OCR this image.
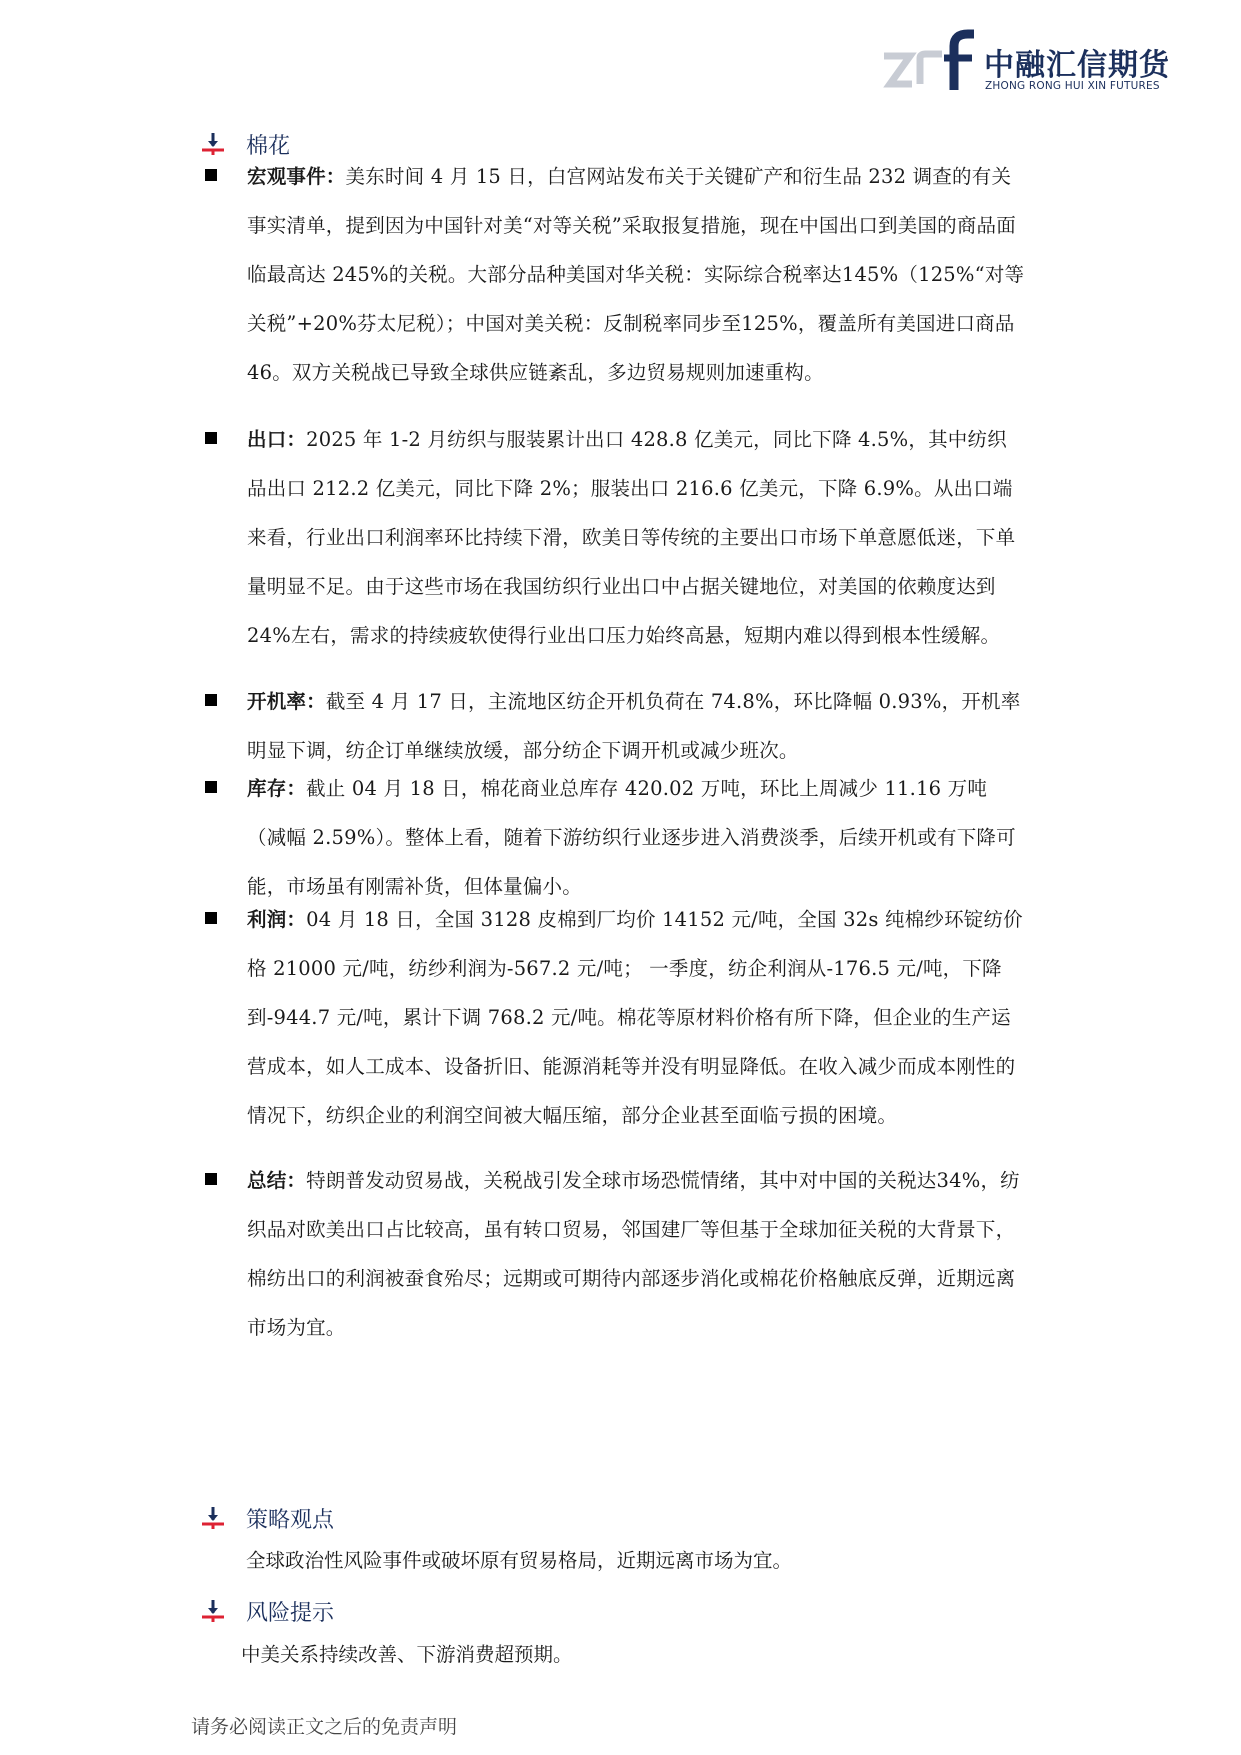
中融汇信期货
ZHONG RONG HUI XIN FUTURES
棉花
宏观事件：美东时间 4 月 15 日，白宫网站发布关于关键矿产和衍生品 232 调查的有关事实清单，提到因为中国针对美“对等关税”采取报复措施，现在中国出口到美国的商品面临最高达 245%的关税。大部分品种美国对华关税：实际综合税率达145%（125%“对等关税”+20%芬太尼税）；中国对美关税：反制税率同步至125%，覆盖所有美国进口商品46。双方关税战已导致全球供应链紊乱，多边贸易规则加速重构。
出口：2025 年 1-2 月纺织与服装累计出口 428.8 亿美元，同比下降 4.5%，其中纺织品出口 212.2 亿美元，同比下降 2%；服装出口 216.6 亿美元，下降 6.9%。从出口端来看，行业出口利润率环比持续下滑，欧美日等传统的主要出口市场下单意愿低迷，下单量明显不足。由于这些市场在我国纺织行业出口中占据关键地位，对美国的依赖度达到 24%左右，需求的持续疲软使得行业出口压力始终高悬，短期内难以得到根本性缓解。
开机率：截至 4 月 17 日，主流地区纺企开机负荷在 74.8%，环比降幅 0.93%，开机率明显下调，纺企订单继续放缓，部分纺企下调开机或减少班次。
库存：截止 04 月 18 日，棉花商业总库存 420.02 万吨，环比上周减少 11.16 万吨（减幅 2.59%）。整体上看，随着下游纺织行业逐步进入消费淡季，后续开机或有下降可能，市场虽有刚需补货，但体量偏小。
利润：04 月 18 日，全国 3128 皮棉到厂均价 14152 元/吨，全国 32s 纯棉纱环锭纺价格 21000 元/吨，纺纱利润为-567.2 元/吨； 一季度，纺企利润从-176.5 元/吨，下降到-944.7 元/吨，累计下调 768.2 元/吨。棉花等原材料价格有所下降，但企业的生产运营成本，如人工成本、设备折旧、能源消耗等并没有明显降低。在收入减少而成本刚性的情况下，纺织企业的利润空间被大幅压缩，部分企业甚至面临亏损的困境。
总结：特朗普发动贸易战，关税战引发全球市场恐慌情绪，其中对中国的关税达34%，纺织品对欧美出口占比较高，虽有转口贸易，邻国建厂等但基于全球加征关税的大背景下，棉纺出口的利润被蚕食殆尽；远期或可期待内部逐步消化或棉花价格触底反弹，近期远离市场为宜。
策略观点
全球政治性风险事件或破坏原有贸易格局，近期远离市场为宜。
风险提示
中美关系持续改善、下游消费超预期。
请务必阅读正文之后的免责声明
